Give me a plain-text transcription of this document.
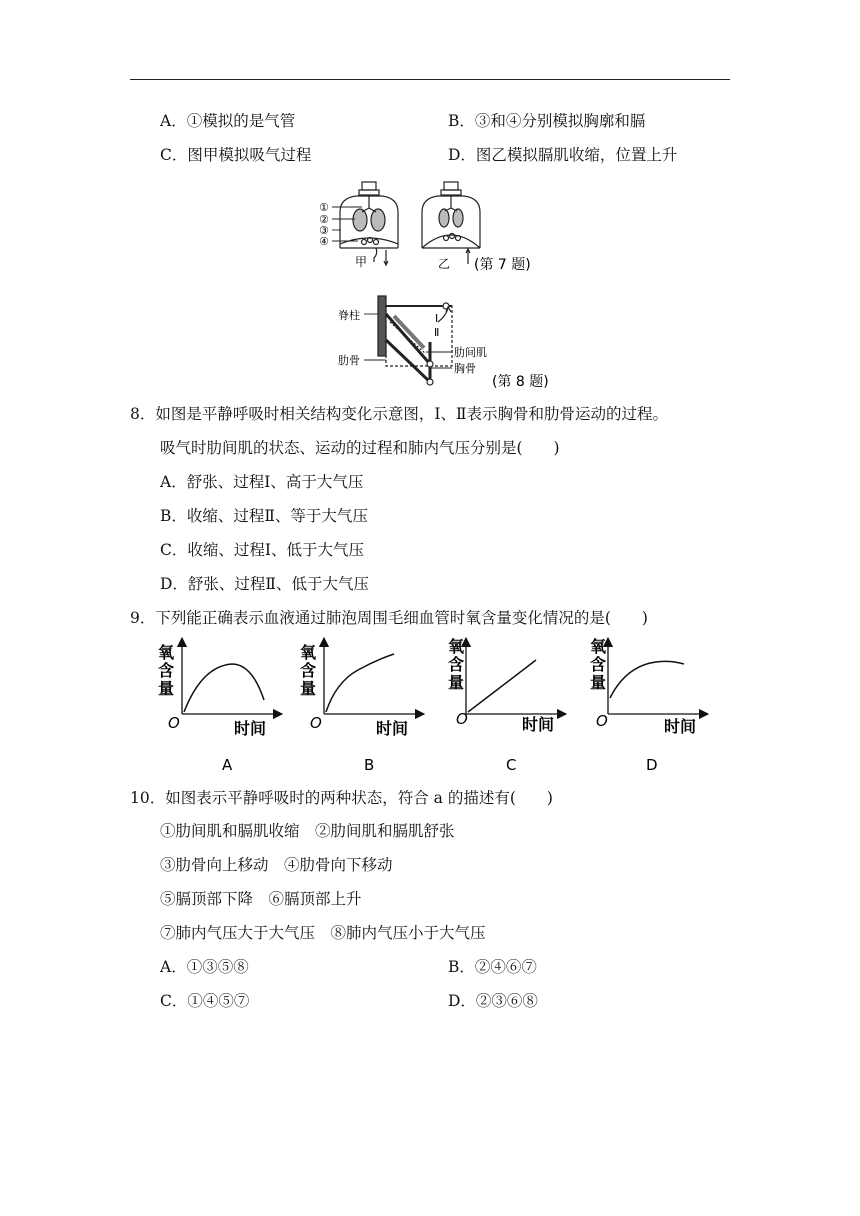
A．①模拟的是气管	B．③和④分别模拟胸廓和膈
C．图甲模拟吸气过程	D．图乙模拟膈肌收缩，位置上升
①
②
③
④
甲	乙 (第 7 题)
Ⅰ
Ⅱ
脊柱
肋骨
肋间肌
胸骨
(第 8 题)
8．如图是平静呼吸时相关结构变化示意图，Ⅰ、Ⅱ表示胸骨和肋骨运动的过程。
吸气时肋间肌的状态、运动的过程和肺内气压分别是(　　)
A．舒张、过程Ⅰ、高于大气压
B．收缩、过程Ⅱ、等于大气压
C．收缩、过程Ⅰ、低于大气压
D．舒张、过程Ⅱ、低于大气压
9．下列能正确表示血液通过肺泡周围毛细血管时氧含量变化情况的是(　　)
氧
含
量
O	时间
A
氧
含
量
O	时间
B
氧
含
量
O	时间
C
氧
含
量
O	时间
D
10．如图表示平静呼吸时的两种状态，符合 a 的描述有(　　)
①肋间肌和膈肌收缩　②肋间肌和膈肌舒张
③肋骨向上移动　④肋骨向下移动
⑤膈顶部下降　⑥膈顶部上升
⑦肺内气压大于大气压　⑧肺内气压小于大气压
A．①③⑤⑧	B．②④⑥⑦
C．①④⑤⑦	D．②③⑥⑧
